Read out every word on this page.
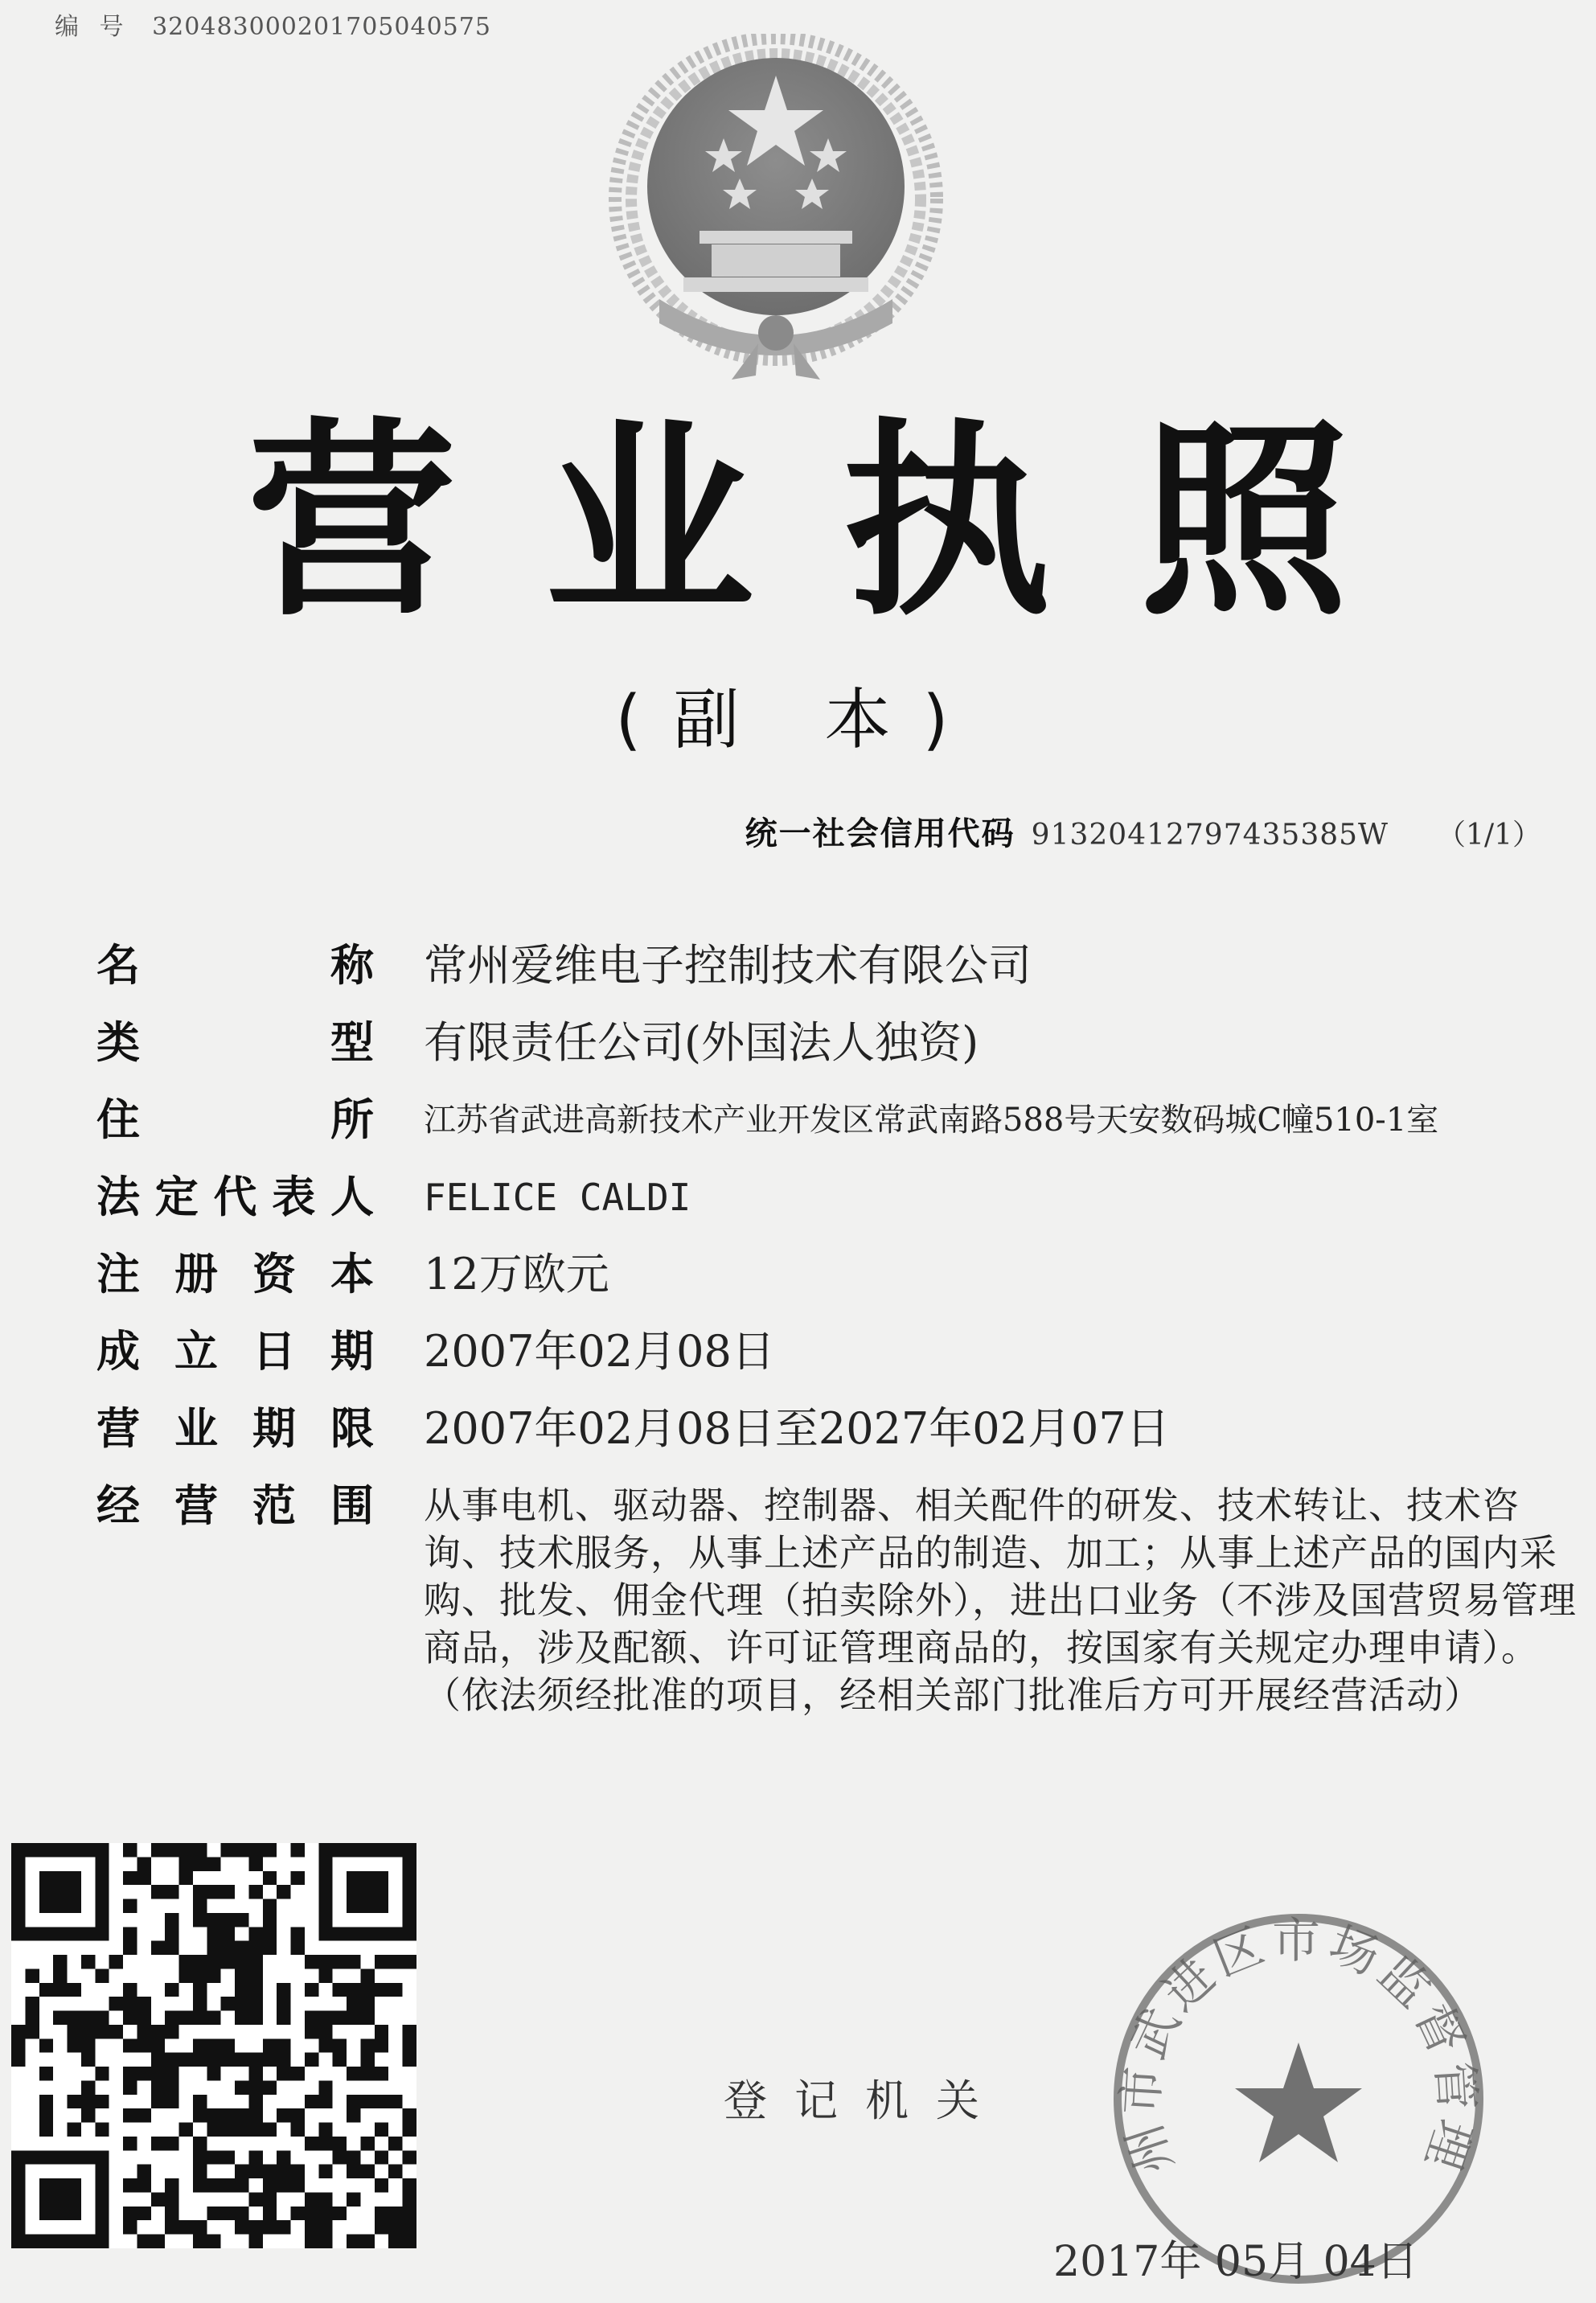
编 号 320483000201705040575
营业执照
(副 本)
统一社会信用代码 91320412797435385W （1/1）
名	称 常州爱维电子控制技术有限公司
类	型 有限责任公司(外国法人独资)
住	所 江苏省武进高新技术产业开发区常武南路588号天安数码城C幢510-1室
法 定 代 表 人 FELICE CALDI
注 册 资 本 12万欧元
成 立 日 期 2007年02月08日
营 业 期 限 2007年02月08日至2027年02月07日
经 营 范 围 从事电机、驱动器、控制器、相关配件的研发、技术转让、技术咨询、技术服务，从事上述产品的制造、加工；从事上述产品的国内采购、批发、佣金代理（拍卖除外），进出口业务（不涉及国营贸易管理商品，涉及配额、许可证管理商品的，按国家有关规定办理申请）。（依法须经批准的项目，经相关部门批准后方可开展经营活动）
登记机关
州市武进区市场监督管理
2017年 05月 04日
